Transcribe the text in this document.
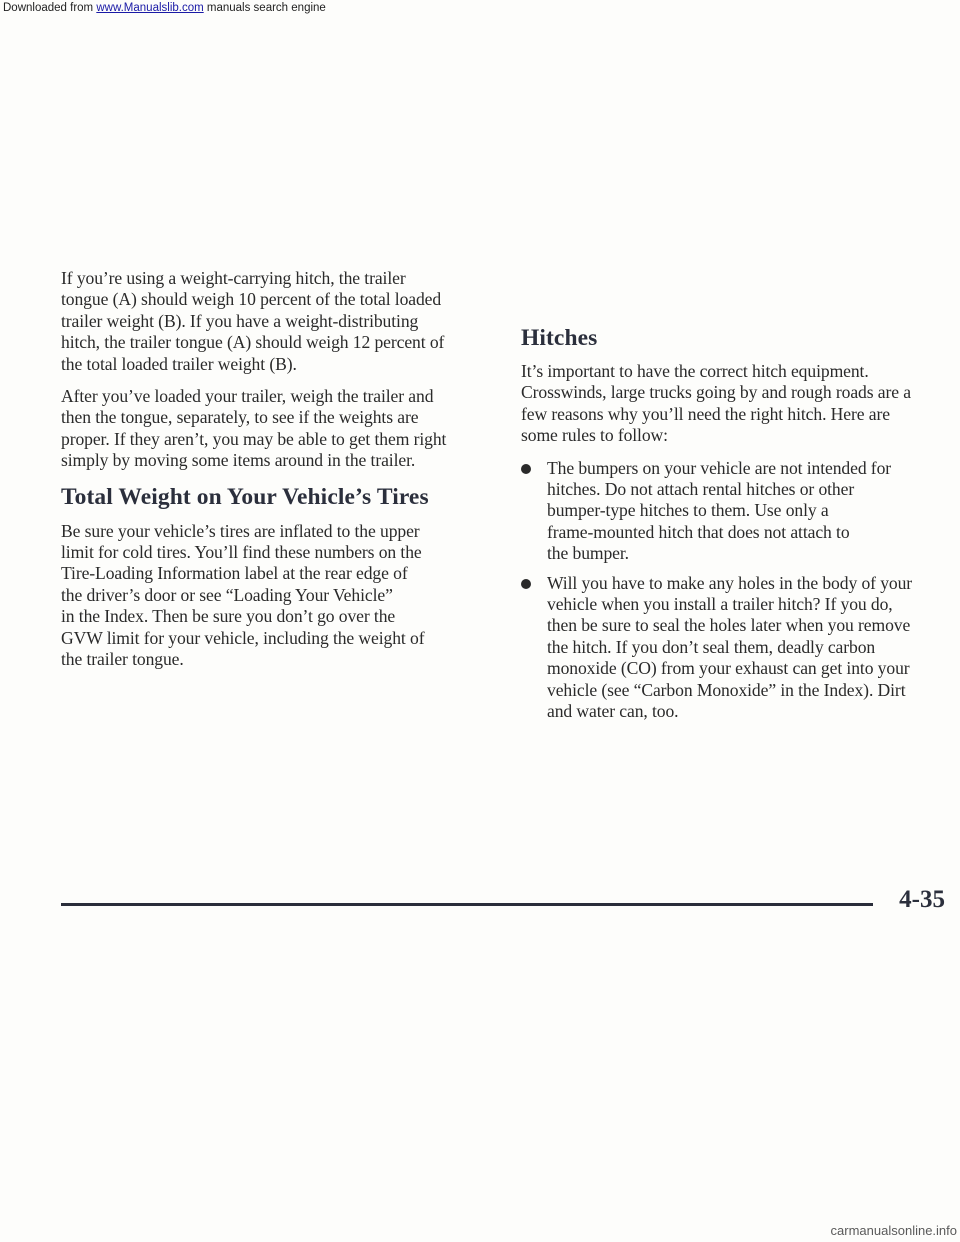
Downloaded from www.Manualslib.com manuals search engine

If you’re using a weight-carrying hitch, the trailer
tongue (A) should weigh 10 percent of the total loaded
trailer weight (B). If you have a weight-distributing
hitch, the trailer tongue (A) should weigh 12 percent of
the total loaded trailer weight (B).

After you’ve loaded your trailer, weigh the trailer and
then the tongue, separately, to see if the weights are
proper. If they aren’t, you may be able to get them right
simply by moving some items around in the trailer.

Total Weight on Your Vehicle’s Tires

Be sure your vehicle’s tires are inflated to the upper
limit for cold tires. You’ll find these numbers on the
Tire-Loading Information label at the rear edge of
the driver’s door or see “Loading Your Vehicle”
in the Index. Then be sure you don’t go over the
GVW limit for your vehicle, including the weight of
the trailer tongue.

Hitches

It’s important to have the correct hitch equipment.
Crosswinds, large trucks going by and rough roads are a
few reasons why you’ll need the right hitch. Here are
some rules to follow:

The bumpers on your vehicle are not intended for
hitches. Do not attach rental hitches or other
bumper-type hitches to them. Use only a
frame-mounted hitch that does not attach to
the bumper.

Will you have to make any holes in the body of your
vehicle when you install a trailer hitch? If you do,
then be sure to seal the holes later when you remove
the hitch. If you don’t seal them, deadly carbon
monoxide (CO) from your exhaust can get into your
vehicle (see “Carbon Monoxide” in the Index). Dirt
and water can, too.

4-35
carmanualsonline.info
